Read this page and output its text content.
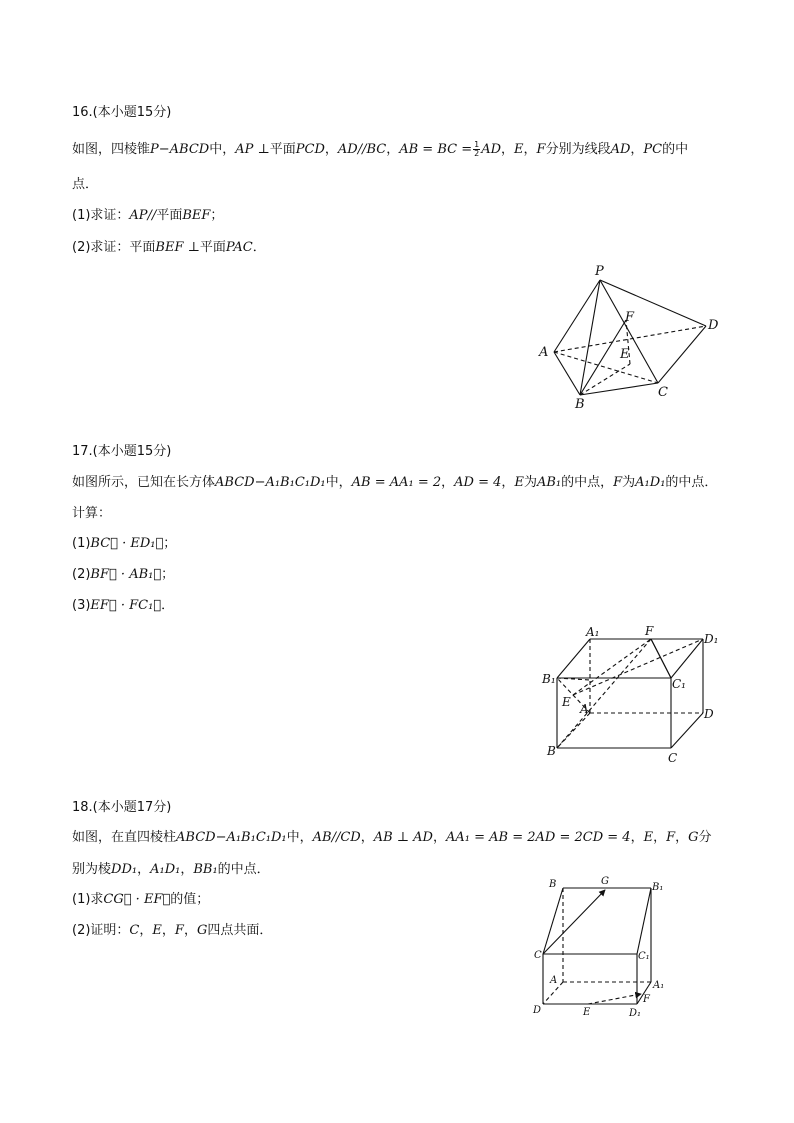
16.(本小题15分)
如图，四棱锥P−ABCD中，AP ⊥平面PCD，AD//BC，AB = BC = $\frac{1}{2}$ AD，E，F分别为线段AD，PC的中
点．
(1)求证：AP//平面BEF；
(2)求证：平面BEF ⊥平面PAC．
P
A
B
C
D
E
F
17.(本小题15分)
如图所示，已知在长方体ABCD−A₁B₁C₁D₁中，AB = AA₁ = 2，AD = 4，E为AB₁的中点，F为A₁D₁的中点．
计算：
(1)BC⃗ · ED₁⃗；
(2)BF⃗ · AB₁⃗；
(3)EF⃗ · FC₁⃗．
A₁	F
D₁
B₁	C₁
E A	D
B	C
18.(本小题17分)
如图，在直四棱柱ABCD−A₁B₁C₁D₁中，AB//CD，AB ⊥ AD，AA₁ = AB = 2AD = 2CD = 4，E，F，G分
别为棱DD₁，A₁D₁，BB₁的中点．
(1)求CG⃗ · EF⃗的值；
(2)证明：C，E，F，G四点共面．
B	G
B₁
C	C₁
A	A₁
F
D	E	D₁
